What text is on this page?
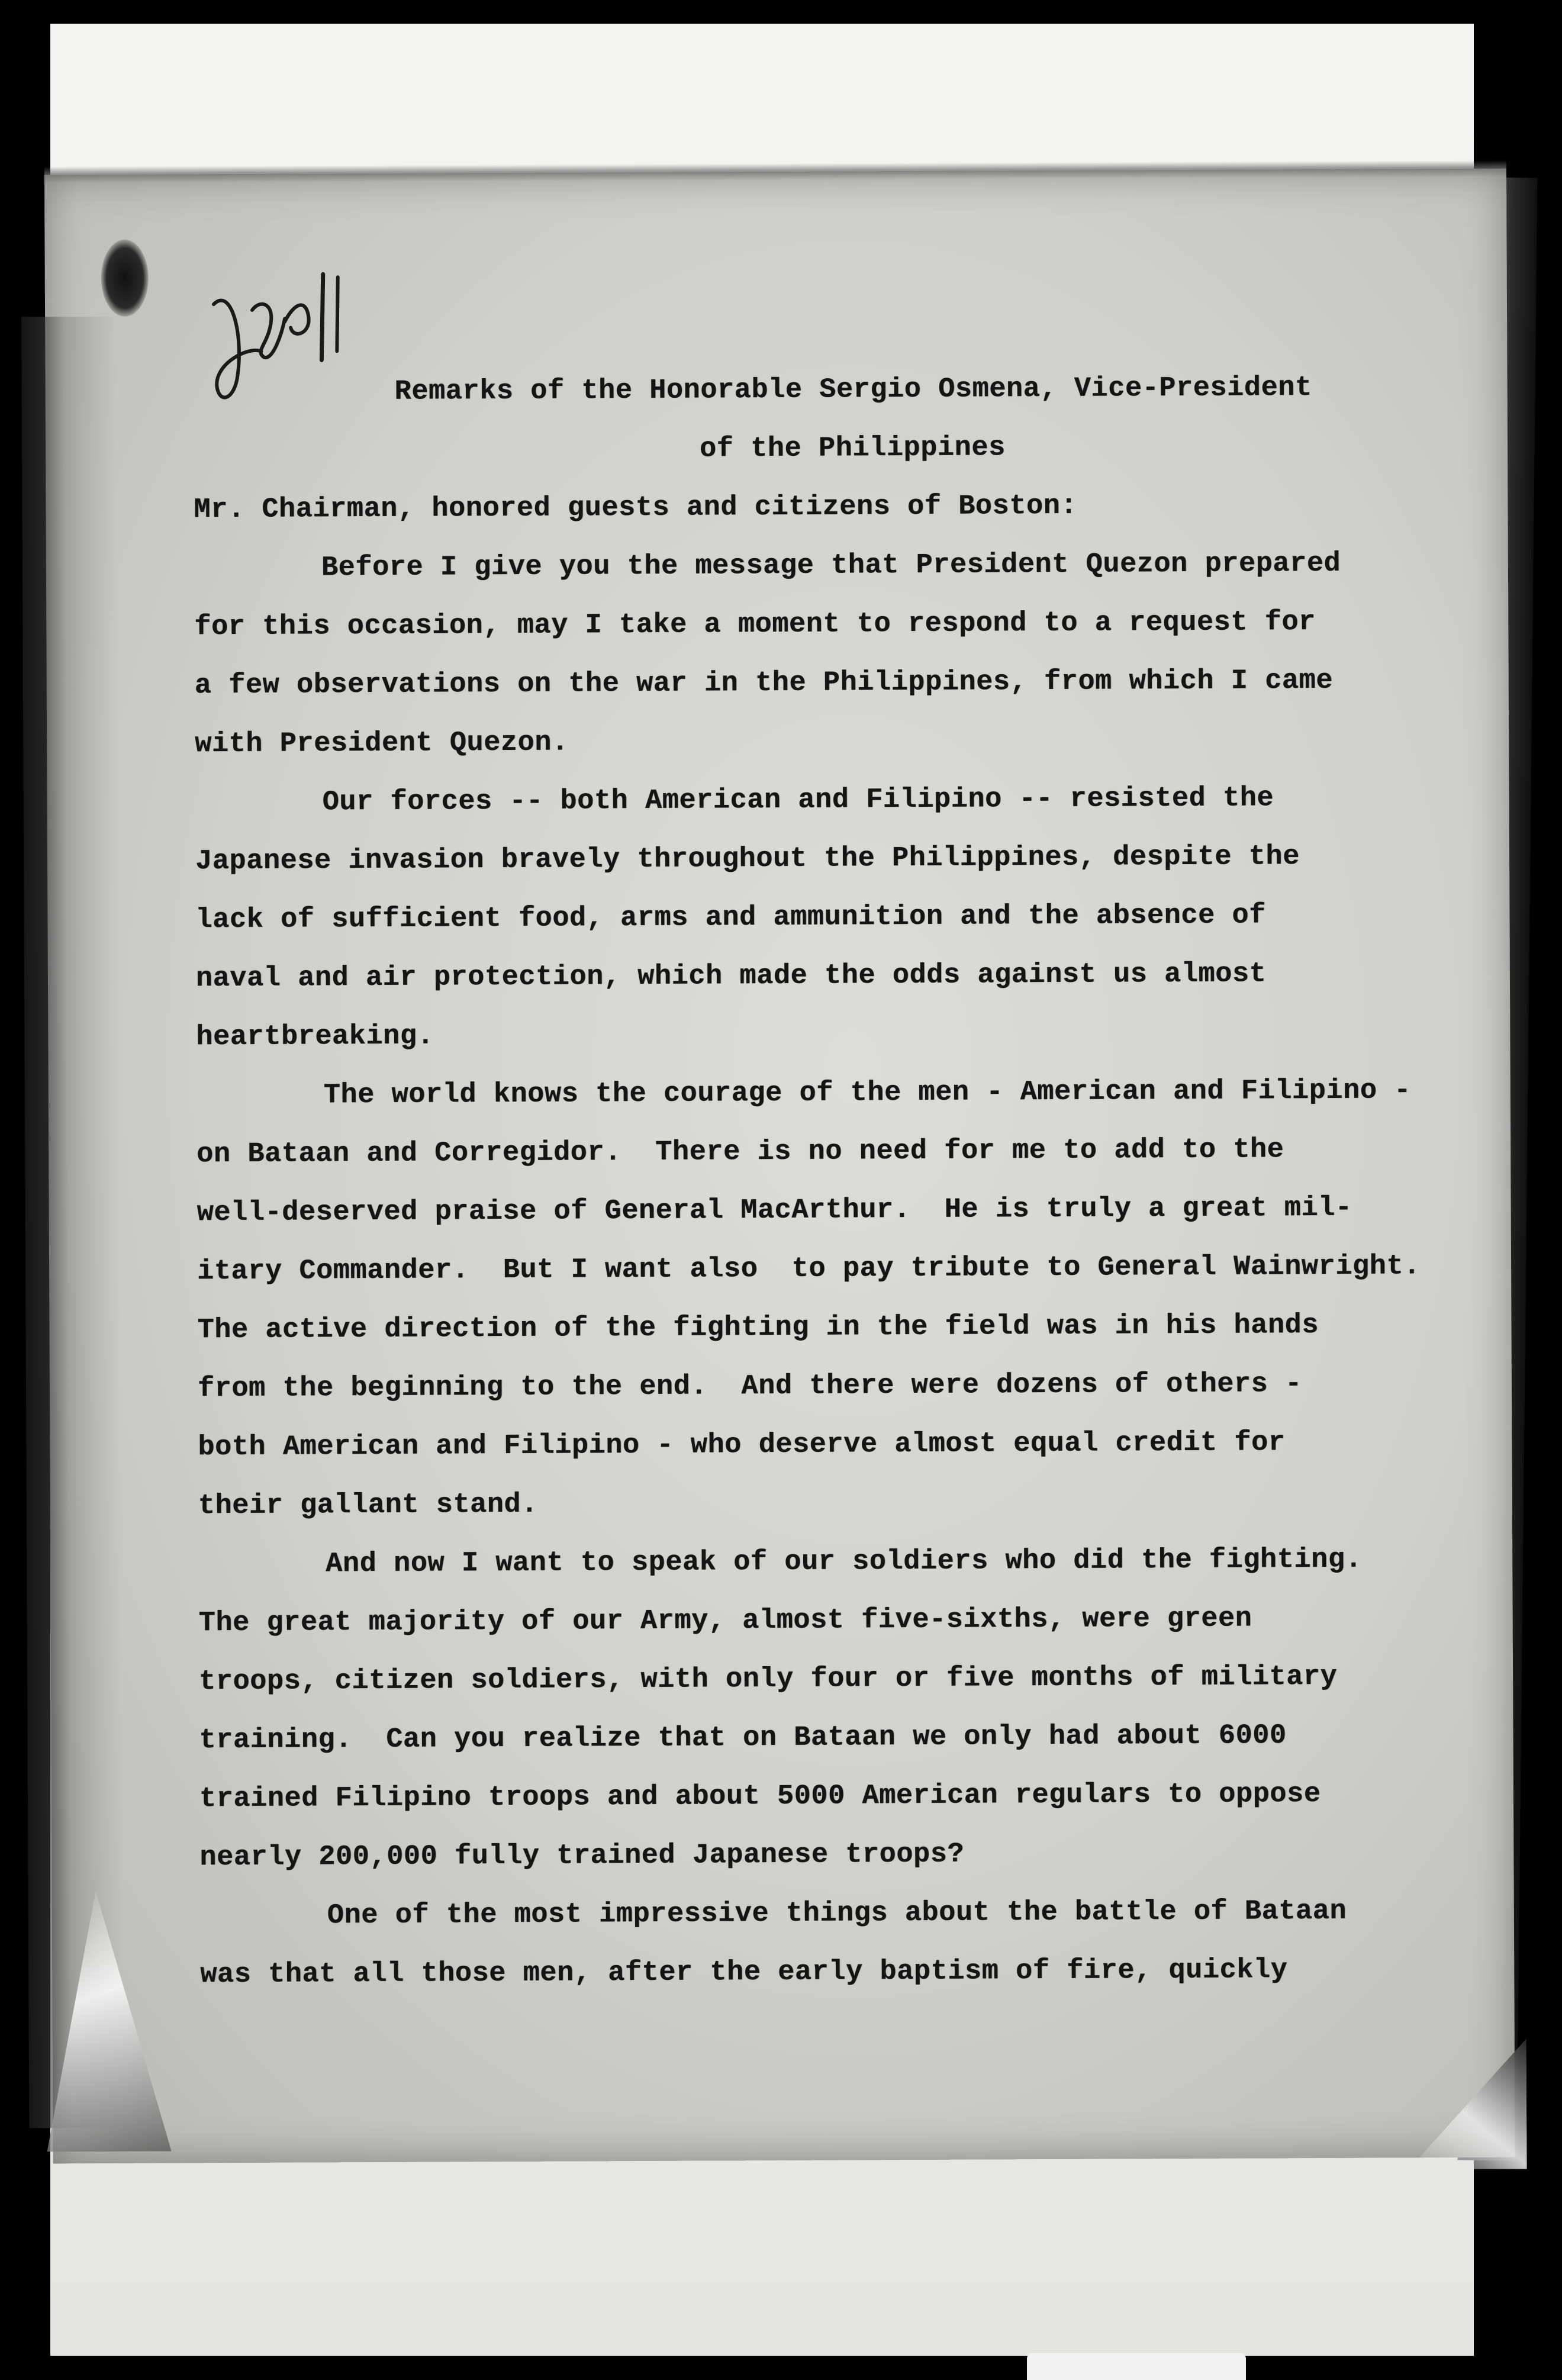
Remarks of the Honorable Sergio Osmena, Vice-President

of the Philippines

Mr. Chairman, honored guests and citizens of Boston:

Before I give you the message that President Quezon prepared
for this occasion, may I take a moment to respond to a request for
a few observations on the war in the Philippines, from which I came
with President Quezon.
Our forces -- both American and Filipino -- resisted the
Japanese invasion bravely throughout the Philippines, despite the
lack of sufficient food, arms and ammunition and the absence of
naval and air protection, which made the odds against us almost
heartbreaking.
The world knows the courage of the men - American and Filipino -
on Bataan and Corregidor.  There is no need for me to add to the
well-deserved praise of General MacArthur.  He is truly a great mil-
itary Commander.  But I want also  to pay tribute to General Wainwright.
The active direction of the fighting in the field was in his hands
from the beginning to the end.  And there were dozens of others -
both American and Filipino - who deserve almost equal credit for
their gallant stand.
And now I want to speak of our soldiers who did the fighting.
The great majority of our Army, almost five-sixths, were green
troops, citizen soldiers, with only four or five months of military
training.  Can you realize that on Bataan we only had about 6000
trained Filipino troops and about 5000 American regulars to oppose
nearly 200,000 fully trained Japanese troops?
One of the most impressive things about the battle of Bataan
was that all those men, after the early baptism of fire, quickly
